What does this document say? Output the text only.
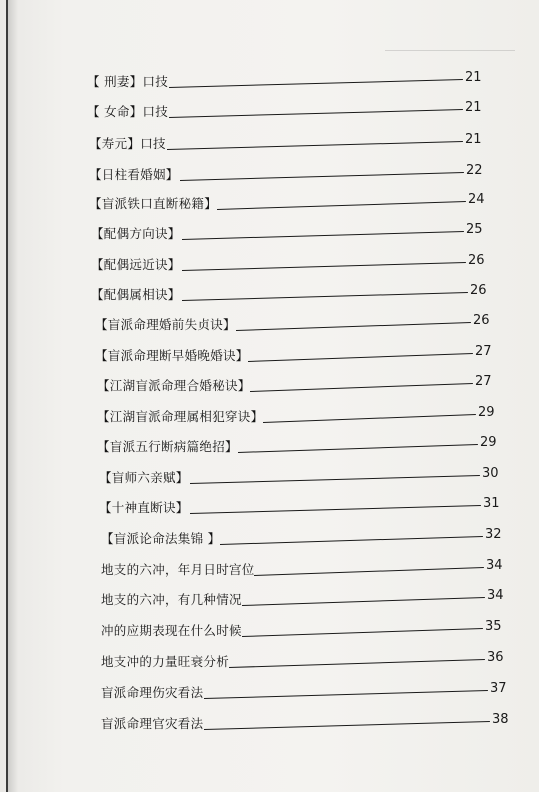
【 刑妻】口技	21
【 女命】口技	21
【寿元】口技	21
【日柱看婚姻】	22
【盲派铁口直断秘籍】	24
【配偶方向诀】	25
【配偶远近诀】	26
【配偶属相诀】	26
【盲派命理婚前失贞诀】	26
【盲派命理断早婚晚婚诀】	27
【江湖盲派命理合婚秘诀】	27
【江湖盲派命理属相犯穿诀】	29
【盲派五行断病篇绝招】	29
【盲师六亲赋】	30
【十神直断诀】	31
【盲派论命法集锦 】	32
地支的六冲，年月日时宫位	34
地支的六冲，有几种情况	34
冲的应期表现在什么时候	35
地支冲的力量旺衰分析	36
盲派命理伤灾看法	37
盲派命理官灾看法	38
